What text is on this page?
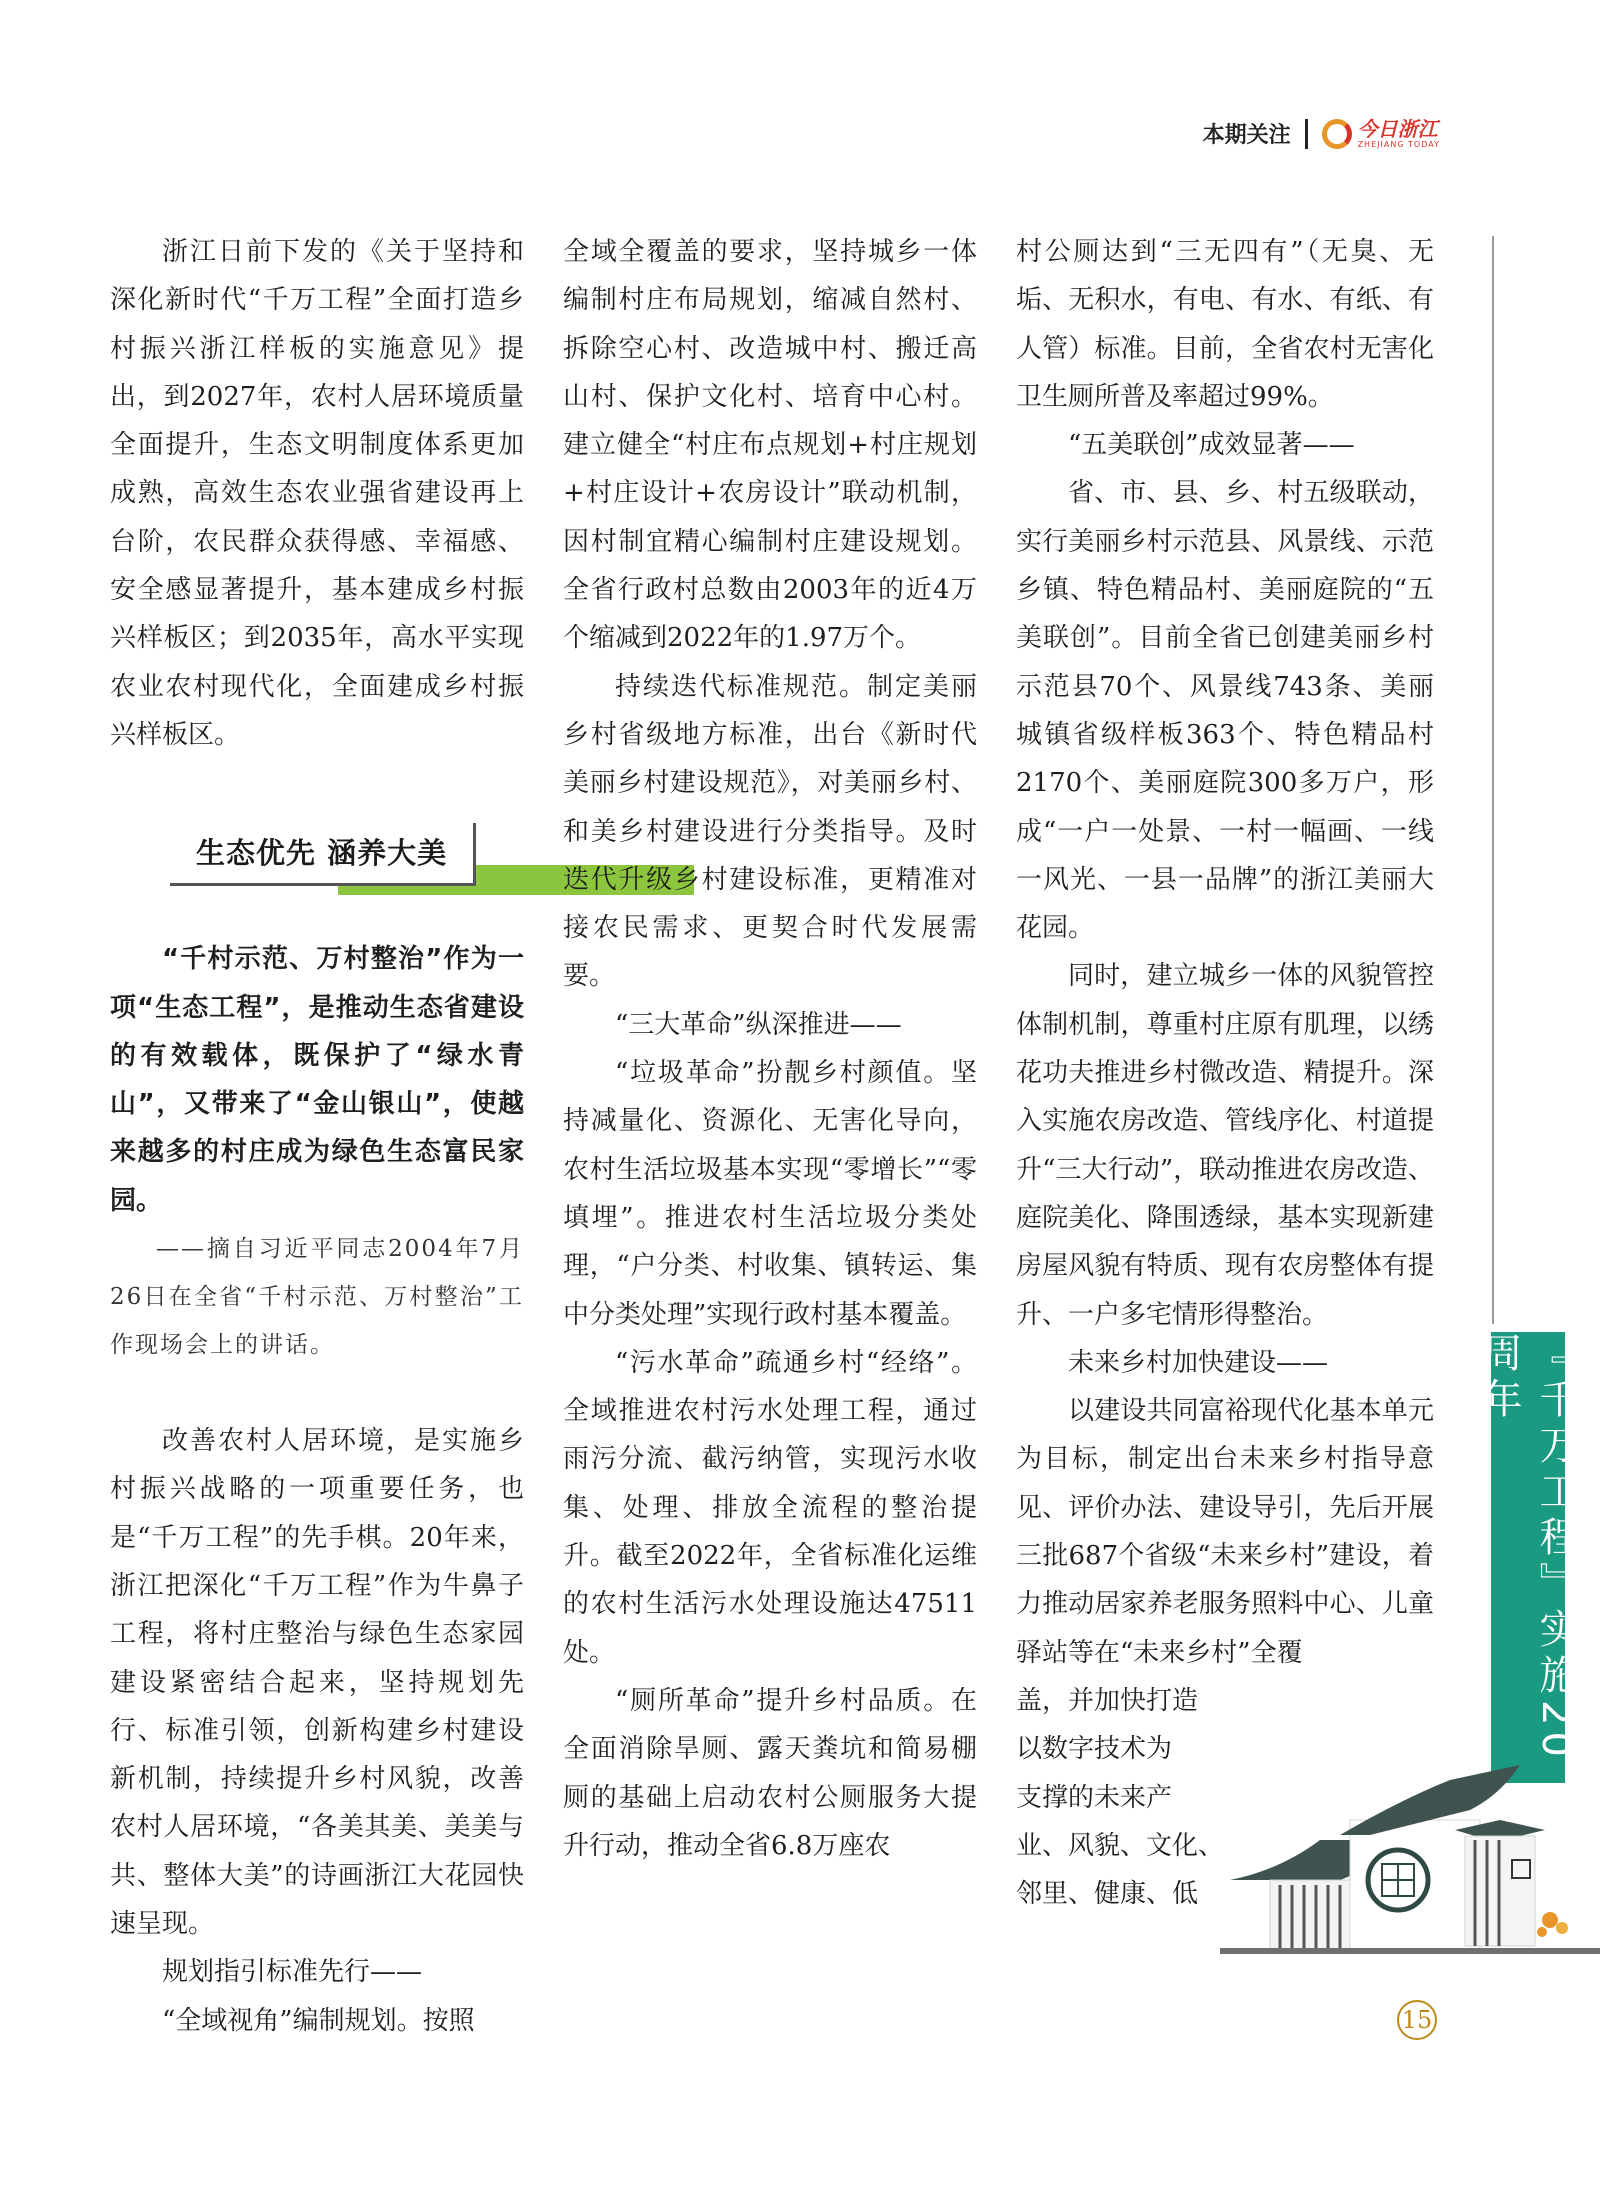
本期关注	今日浙江
ZHEJIANG TODAY

浙江日前下发的《关于坚持和深化新时代“千万工程”全面打造乡村振兴浙江样板的实施意见》提出，到2027年，农村人居环境质量全面提升，生态文明制度体系更加成熟，高效生态农业强省建设再上台阶，农民群众获得感、幸福感、安全感显著提升，基本建成乡村振兴样板区；到2035年，高水平实现农业农村现代化，全面建成乡村振兴样板区。

生态优先 涵养大美

“千村示范、万村整治”作为一项“生态工程”，是推动生态省建设的有效载体，既保护了“绿水青山”，又带来了“金山银山”，使越来越多的村庄成为绿色生态富民家园。

——摘自习近平同志2004年7月26日在全省“千村示范、万村整治”工作现场会上的讲话。

改善农村人居环境，是实施乡村振兴战略的一项重要任务，也是“千万工程”的先手棋。20年来，浙江把深化“千万工程”作为牛鼻子工程，将村庄整治与绿色生态家园建设紧密结合起来，坚持规划先行、标准引领，创新构建乡村建设新机制，持续提升乡村风貌，改善农村人居环境，“各美其美、美美与共、整体大美”的诗画浙江大花园快速呈现。

规划指引标准先行——

“全域视角”编制规划。按照

全域全覆盖的要求，坚持城乡一体编制村庄布局规划，缩减自然村、拆除空心村、改造城中村、搬迁高山村、保护文化村、培育中心村。建立健全“村庄布点规划+村庄规划+村庄设计+农房设计”联动机制，因村制宜精心编制村庄建设规划。全省行政村总数由2003年的近4万个缩减到2022年的1.97万个。

持续迭代标准规范。制定美丽乡村省级地方标准，出台《新时代美丽乡村建设规范》，对美丽乡村、和美乡村建设进行分类指导。及时迭代升级乡村建设标准，更精准对接农民需求、更契合时代发展需要。

“三大革命”纵深推进——

“垃圾革命”扮靓乡村颜值。坚持减量化、资源化、无害化导向，农村生活垃圾基本实现“零增长”“零填埋”。推进农村生活垃圾分类处理，“户分类、村收集、镇转运、集中分类处理”实现行政村基本覆盖。

“污水革命”疏通乡村“经络”。全域推进农村污水处理工程，通过雨污分流、截污纳管，实现污水收集、处理、排放全流程的整治提升。截至2022年，全省标准化运维的农村生活污水处理设施达47511处。

“厕所革命”提升乡村品质。在全面消除旱厕、露天粪坑和简易棚厕的基础上启动农村公厕服务大提升行动，推动全省6.8万座农

村公厕达到“三无四有”（无臭、无垢、无积水，有电、有水、有纸、有人管）标准。目前，全省农村无害化卫生厕所普及率超过99%。

“五美联创”成效显著——

省、市、县、乡、村五级联动，实行美丽乡村示范县、风景线、示范乡镇、特色精品村、美丽庭院的“五美联创”。目前全省已创建美丽乡村示范县70个、风景线743条、美丽城镇省级样板363个、特色精品村2170个、美丽庭院300多万户，形成“一户一处景、一村一幅画、一线一风光、一县一品牌”的浙江美丽大花园。

同时，建立城乡一体的风貌管控体制机制，尊重村庄原有肌理，以绣花功夫推进乡村微改造、精提升。深入实施农房改造、管线序化、村道提升“三大行动”，联动推进农房改造、庭院美化、降围透绿，基本实现新建房屋风貌有特质、现有农房整体有提升、一户多宅情形得整治。

未来乡村加快建设——

以建设共同富裕现代化基本单元为目标，制定出台未来乡村指导意见、评价办法、建设导引，先后开展三批687个省级“未来乡村”建设，着力推动居家养老服务照料中心、儿童驿站等在“未来乡村”全覆

盖，并加快打造
以数字技术为
支撑的未来产
业、风貌、文化、
邻里、健康、低
『千万工程』实施20周年
15
